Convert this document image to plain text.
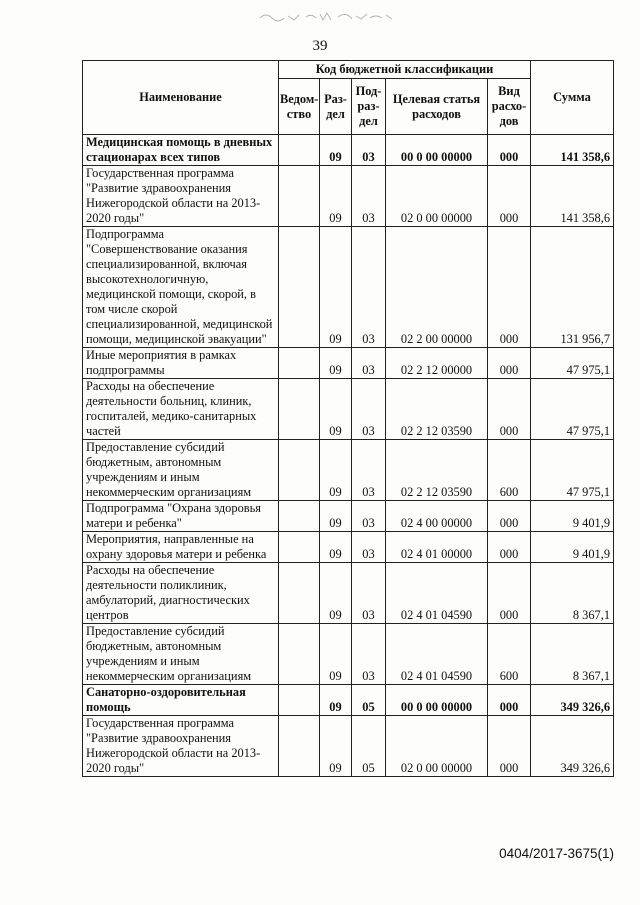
39
Наименование	Код бюджетной классификации					Сумма
	Ведом-ство	Раз-дел	Под-раз-дел	Целевая статья расходов	Вид расхо-дов	
Медицинская помощь в дневных стационарах всех типов		09	03	00 0 00 00000	000	141 358,6
Государственная программа "Развитие здравоохранения Нижегородской области на 2013-2020 годы"		09	03	02 0 00 00000	000	141 358,6
Подпрограмма "Совершенствование оказания специализированной, включая высокотехнологичную, медицинской помощи, скорой, в том числе скорой специализированной, медицинской помощи, медицинской эвакуации"		09	03	02 2 00 00000	000	131 956,7
Иные мероприятия в рамках подпрограммы		09	03	02 2 12 00000	000	47 975,1
Расходы на обеспечение деятельности больниц, клиник, госпиталей, медико-санитарных частей		09	03	02 2 12 03590	000	47 975,1
Предоставление субсидий бюджетным, автономным учреждениям и иным некоммерческим организациям		09	03	02 2 12 03590	600	47 975,1
Подпрограмма "Охрана здоровья матери и ребенка"		09	03	02 4 00 00000	000	9 401,9
Мероприятия, направленные на охрану здоровья матери и ребенка		09	03	02 4 01 00000	000	9 401,9
Расходы на обеспечение деятельности поликлиник, амбулаторий, диагностических центров		09	03	02 4 01 04590	000	8 367,1
Предоставление субсидий бюджетным, автономным учреждениям и иным некоммерческим организациям		09	03	02 4 01 04590	600	8 367,1
Санаторно-оздоровительная помощь		09	05	00 0 00 00000	000	349 326,6
Государственная программа "Развитие здравоохранения Нижегородской области на 2013-2020 годы"		09	05	02 0 00 00000	000	349 326,6
0404/2017-3675(1)
